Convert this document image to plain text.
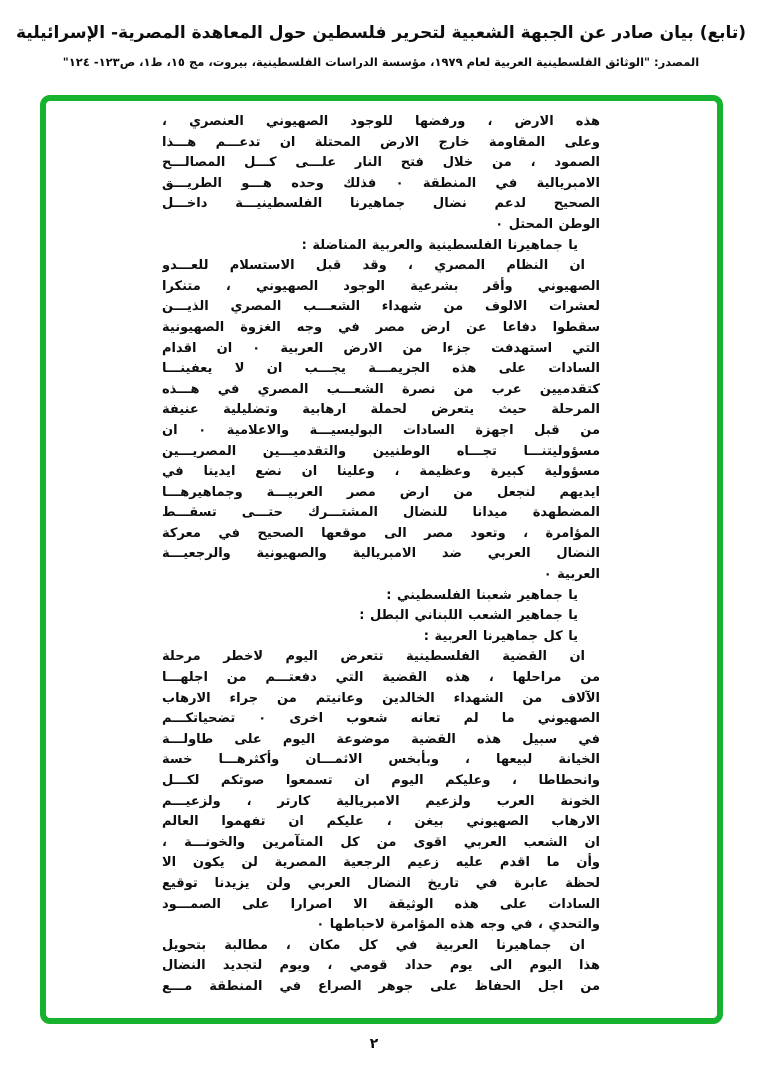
(تابع) بيان صادر عن الجبهة الشعبية لتحرير فلسطين حول المعاهدة المصرية- الإسرائيلية
المصدر: "الوثائق الفلسطينية العربية لعام ١٩٧٩، مؤسسة الدراسات الفلسطينية، بيروت، مج ١٥، ط١، ص١٢٣- ١٢٤"
هذه الارض ، ورفضها للوجود الصهيوني العنصري ،
وعلى المقاومة خارج الارض المحتلة ان تدعـــم هـــذا
الصمود ، من خلال فتح النار علـــى كـــل المصالـــح
الامبريالية في المنطقة ٠ فذلك وحده هـــو الطريـــق
الصحيح لدعم نضال جماهيرنا الفلسطينيـــة داخـــل
الوطن المحتل ٠
يا جماهيرنا الفلسطينية والعربية المناضلة :
ان النظام المصري ، وقد قبل الاستسلام للعـــدو
الصهيوني وأقر بشرعية الوجود الصهيوني ، متنكرا
لعشرات الالوف من شهداء الشعـــب المصري الذيـــن
سقطوا دفاعا عن ارض مصر في وجه الغزوة الصهيونية
التي استهدفت جزءا من الارض العربية ٠ ان اقدام
السادات على هذه الجريمـــة يجـــب ان لا يعفينـــا
كتقدميين عرب من نصرة الشعـــب المصري في هـــذه
المرحلة حيث يتعرض لحملة ارهابية وتضليلية عنيفة
من قبل اجهزة السادات البوليسيـــة والاعلامية ٠ ان
مسؤوليتنـــا تجـــاه الوطنيين والتقدميـــين المصريـــين
مسؤولية كبيرة وعظيمة ، وعلينا ان نضع ايدينا في
ايديهم لنجعل من ارض مصر العربيـــة وجماهيرهـــا
المضطهدة ميدانا للنضال المشتـــرك حتـــى تسقـــط
المؤامرة ، وتعود مصر الى موقعها الصحيح في معركة
النضال العربي ضد الامبريالية والصهيونية والرجعيـــة
العربية ٠
يا جماهير شعبنا الفلسطيني :
يا جماهير الشعب اللبناني البطل :
يا كل جماهيرنا العربية :
ان القضية الفلسطينية تتعرض اليوم لاخطر مرحلة
من مراحلها ، هذه القضية التي دفعتـــم من اجلهـــا
الآلاف من الشهداء الخالدين وعانيتم من جراء الارهاب
الصهيوني ما لم تعانه شعوب اخرى ٠ تضحياتكـــم
في سبيل هذه القضية موضوعة اليوم على طاولـــة
الخيانة لبيعها ، وبأبخس الاثمـــان وأكثرهـــا خسة
وانحطاطا ، وعليكم اليوم ان تسمعوا صوتكم لكـــل
الخونة العرب ولزعيم الامبريالية كارتر ، ولزعيـــم
الارهاب الصهيوني بيغن ، عليكم ان تفهموا العالم
ان الشعب العربي اقوى من كل المتآمرين والخونـــة ،
وأن ما اقدم عليه زعيم الرجعية المصرية لن يكون الا
لحظة عابرة في تاريخ النضال العربي ولن يزيدنا توقيع
السادات على هذه الوثيقة الا اصرارا على الصمـــود
والتحدي ، في وجه هذه المؤامرة لاحباطها ٠
ان جماهيرنا العربية في كل مكان ، مطالبة بتحويل
هذا اليوم الى يوم حداد قومي ، ويوم لتجديد النضال
من اجل الحفاظ على جوهر الصراع في المنطقة مـــع
٢
